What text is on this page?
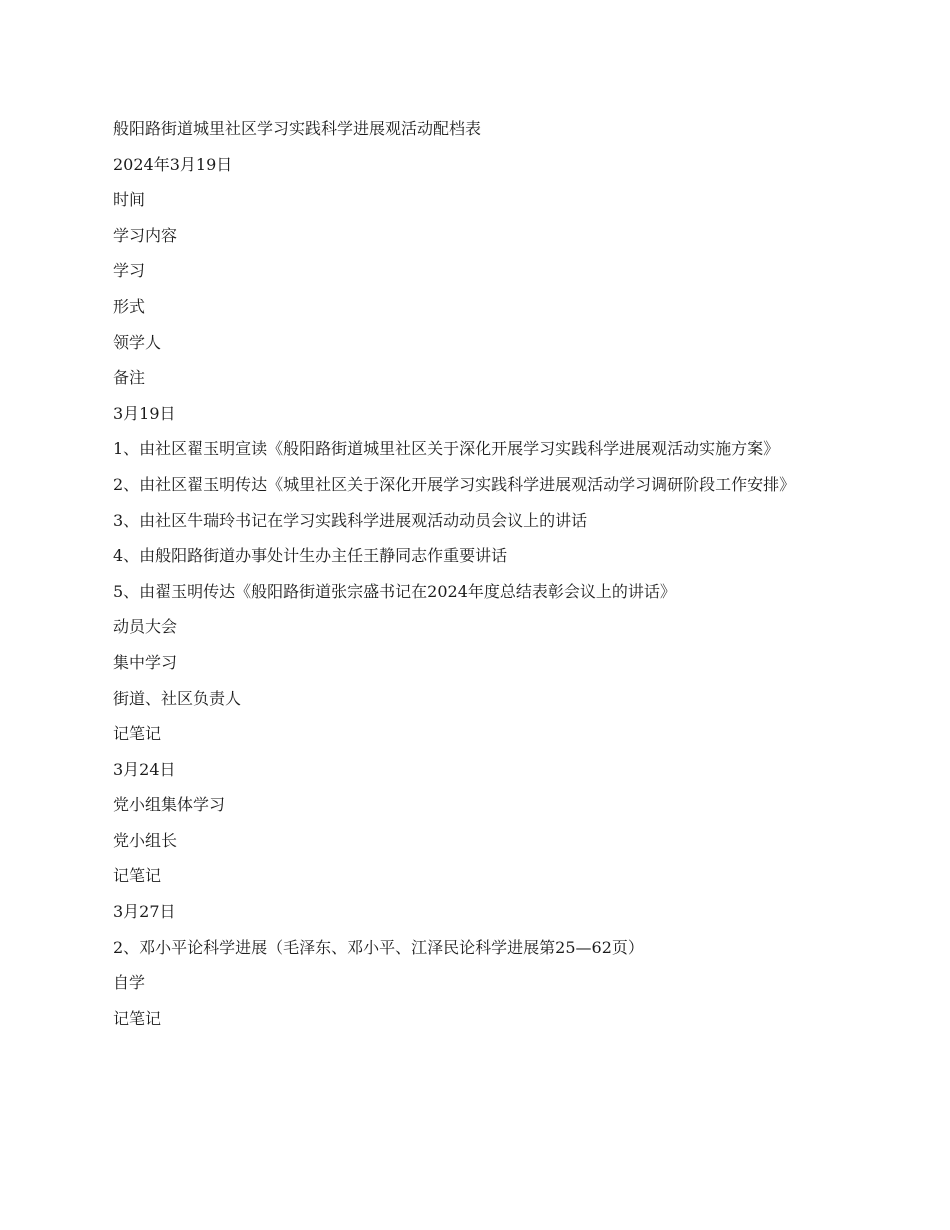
般阳路街道城里社区学习实践科学进展观活动配档表

2024年3月19日

时间

学习内容

学习

形式

领学人

备注

3月19日

1、由社区翟玉明宣读《般阳路街道城里社区关于深化开展学习实践科学进展观活动实施方案》

2、由社区翟玉明传达《城里社区关于深化开展学习实践科学进展观活动学习调研阶段工作安排》

3、由社区牛瑞玲书记在学习实践科学进展观活动动员会议上的讲话

4、由般阳路街道办事处计生办主任王静同志作重要讲话

5、由翟玉明传达《般阳路街道张宗盛书记在2024年度总结表彰会议上的讲话》

动员大会

集中学习

街道、社区负责人

记笔记

3月24日

党小组集体学习

党小组长

记笔记

3月27日

2、邓小平论科学进展（毛泽东、邓小平、江泽民论科学进展第25—62页）

自学

记笔记
